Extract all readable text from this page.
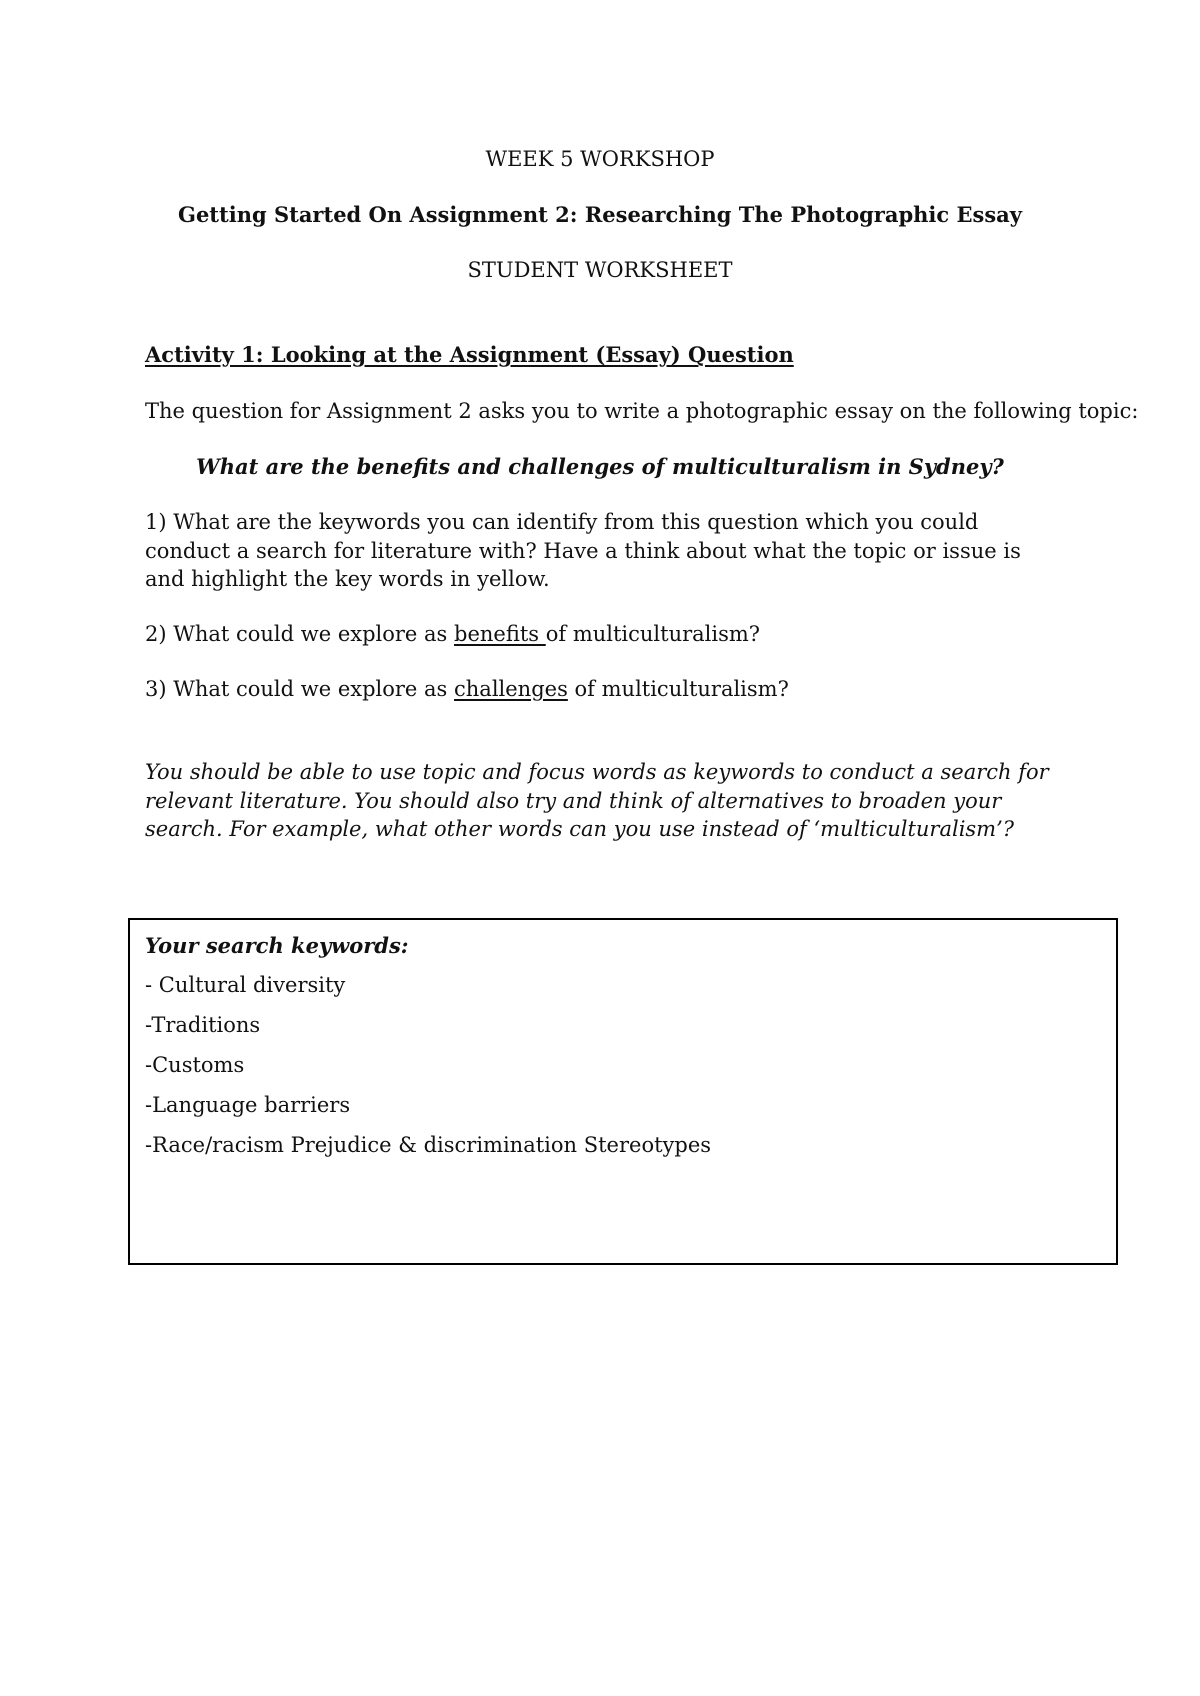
WEEK 5 WORKSHOP
Getting Started On Assignment 2: Researching The Photographic Essay
STUDENT WORKSHEET
Activity 1: Looking at the Assignment (Essay) Question
The question for Assignment 2 asks you to write a photographic essay on the following topic:
What are the benefits and challenges of multiculturalism in Sydney?
1) What are the keywords you can identify from this question which you could conduct a search for literature with? Have a think about what the topic or issue is and highlight the key words in yellow.
2) What could we explore as benefits of multiculturalism?
3) What could we explore as challenges of multiculturalism?
You should be able to use topic and focus words as keywords to conduct a search for relevant literature. You should also try and think of alternatives to broaden your search. For example, what other words can you use instead of ‘multiculturalism’?
Your search keywords:
- Cultural diversity
-Traditions
-Customs
-Language barriers
-Race/racism Prejudice & discrimination Stereotypes
